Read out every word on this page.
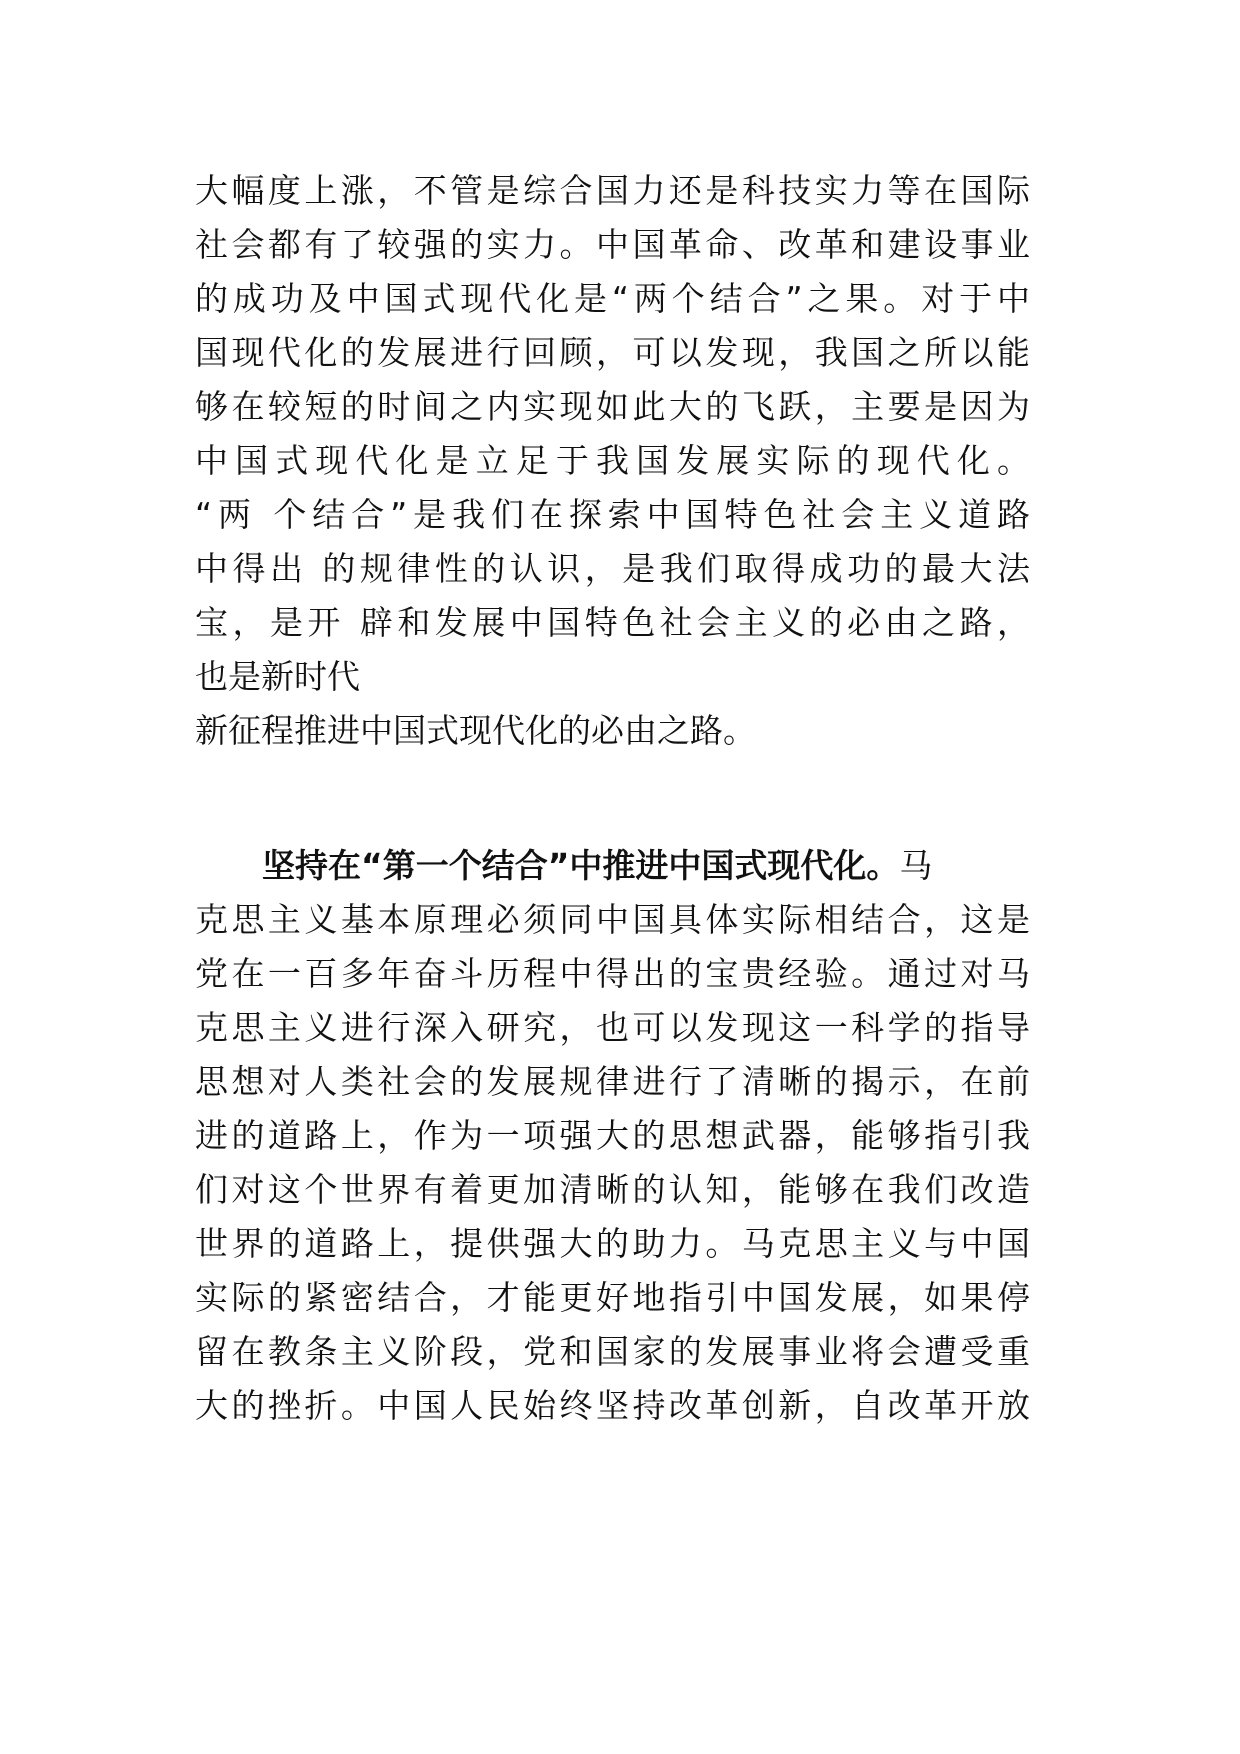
大幅度上涨，不管是综合国力还是科技实力等在国际
社会都有了较强的实力。中国革命、改革和建设事业
的成功及中国式现代化是“两个结合”之果。对于中
国现代化的发展进行回顾，可以发现，我国之所以能
够在较短的时间之内实现如此大的飞跃，主要是因为
中国式现代化是立足于我国发展实际的现代化。
“两 个结合”是我们在探索中国特色社会主义道路
中得出 的规律性的认识，是我们取得成功的最大法
宝，是开 辟和发展中国特色社会主义的必由之路，
也是新时代
新征程推进中国式现代化的必由之路。
坚持在“第一个结合”中推进中国式现代化。马
克思主义基本原理必须同中国具体实际相结合，这是
党在一百多年奋斗历程中得出的宝贵经验。通过对马
克思主义进行深入研究，也可以发现这一科学的指导
思想对人类社会的发展规律进行了清晰的揭示，在前
进的道路上，作为一项强大的思想武器，能够指引我
们对这个世界有着更加清晰的认知，能够在我们改造
世界的道路上，提供强大的助力。马克思主义与中国
实际的紧密结合，才能更好地指引中国发展，如果停
留在教条主义阶段，党和国家的发展事业将会遭受重
大的挫折。中国人民始终坚持改革创新，自改革开放
